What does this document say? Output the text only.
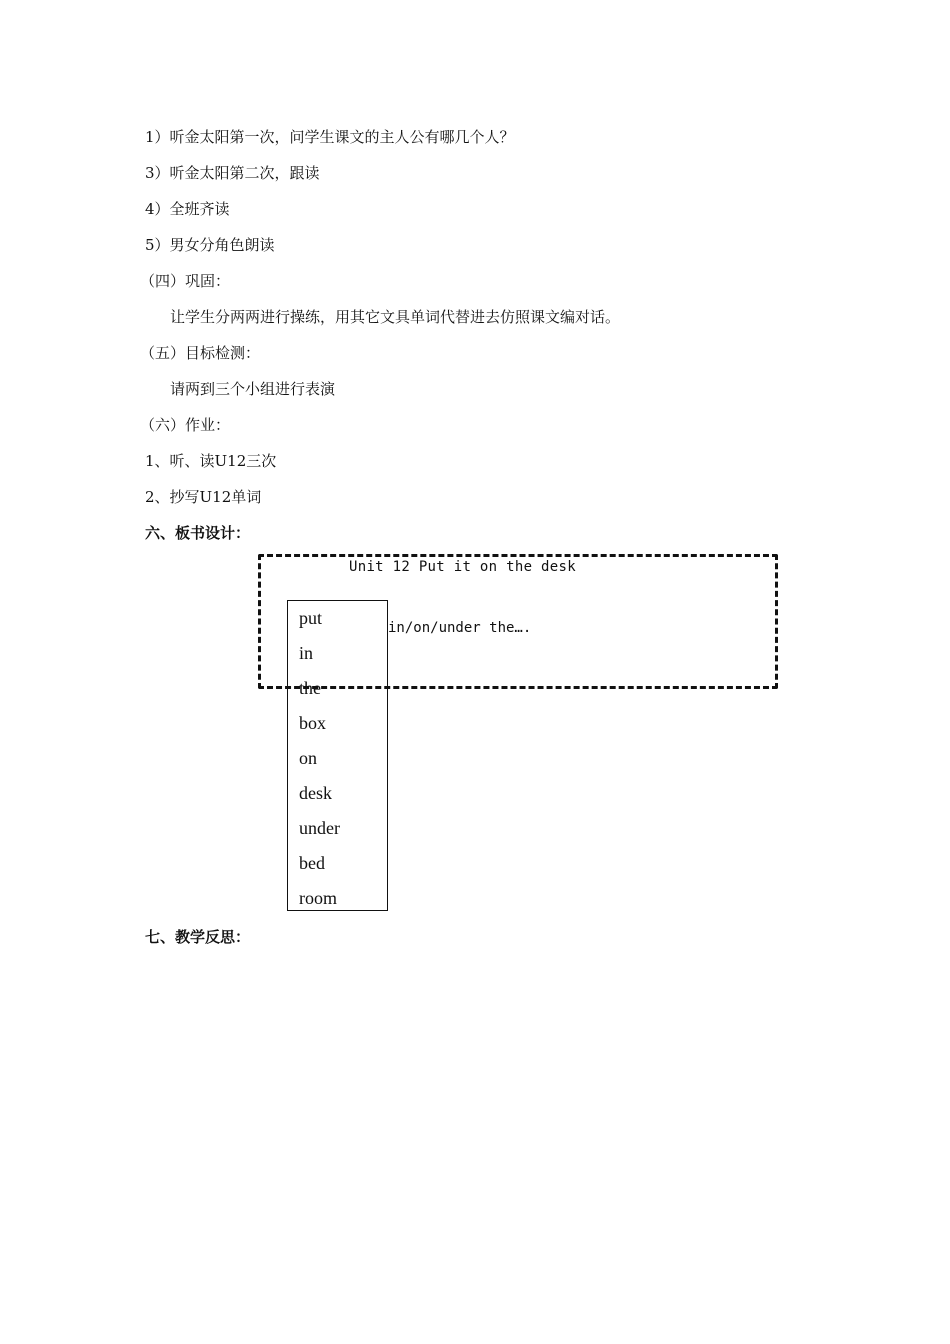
1）听金太阳第一次，问学生课文的主人公有哪几个人？
3）听金太阳第二次，跟读
4）全班齐读
5）男女分角色朗读
（四）巩固：
让学生分两两进行操练，用其它文具单词代替进去仿照课文编对话。
（五）目标检测：
请两到三个小组进行表演
（六）作业：
1、听、读U12三次
2、抄写U12单词
六、板书设计：
Unit 12 Put it on the desk
in/on/under the….
put
in
the
box
on
desk
under
bed
room
七、教学反思：
